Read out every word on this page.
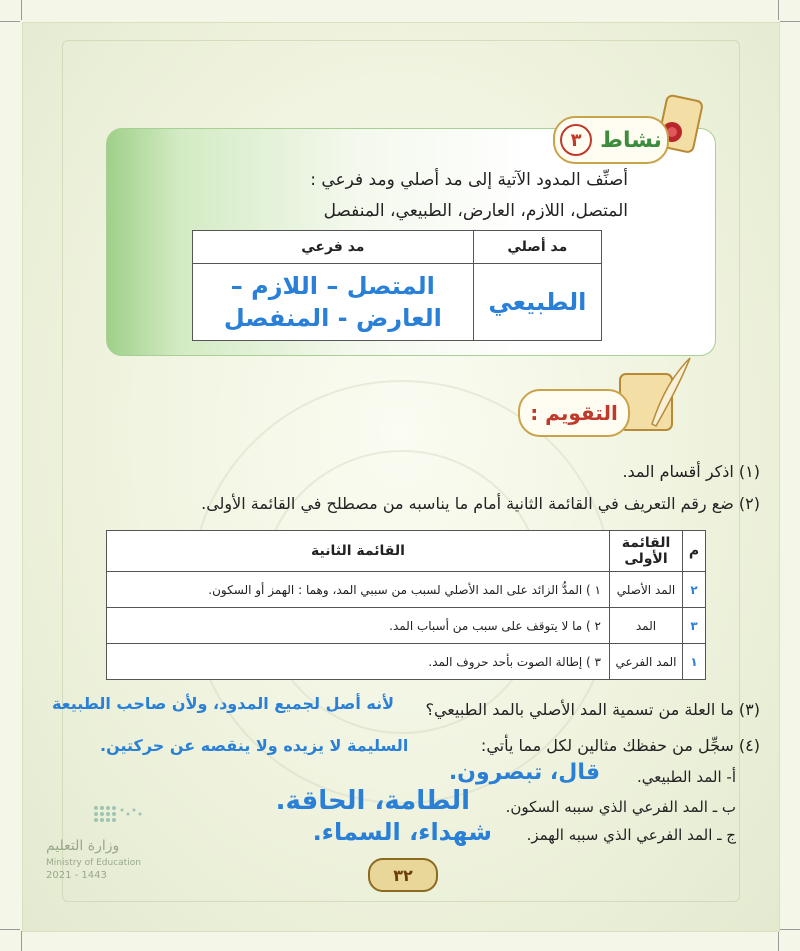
نشاط
٣
أصنِّف المدود الآتية إلى مد أصلي ومد فرعي :
المتصل، اللازم، العارض، الطبيعي، المنفصل
مد أصلي	مد فرعي
الطبيعي	المتصل – اللازم –
العارض - المنفصل
التقويم :
(١) اذكر أقسام المد.
(٢) ضع رقم التعريف في القائمة الثانية أمام ما يناسبه من مصطلح في القائمة الأولى.
م	القائمة الأولى	القائمة الثانية
٢	المد الأصلي	١ ) المدُّ الزائد على المد الأصلي لسبب من سببي المد، وهما : الهمز أو السكون.
٣	المد	٢ ) ما لا يتوقف على سبب من أسباب المد.
١	المد الفرعي	٣ ) إطالة الصوت بأحد حروف المد.
(٣) ما العلة من تسمية المد الأصلي بالمد الطبيعي؟
لأنه أصل لجميع المدود، ولأن صاحب الطبيعة
السليمة لا يزيده ولا ينقصه عن حركتين.	(٤) سجِّل من حفظك مثالين لكل مما يأتي:
أ- المد الطبيعي.
قال، تبصرون.
ب ـ المد الفرعي الذي سببه السكون.
الطامة، الحاقة.
ج ـ المد الفرعي الذي سببه الهمز.
شهداء، السماء.
وزارة التعليم
Ministry of Education
2021 - 1443	٣٢
